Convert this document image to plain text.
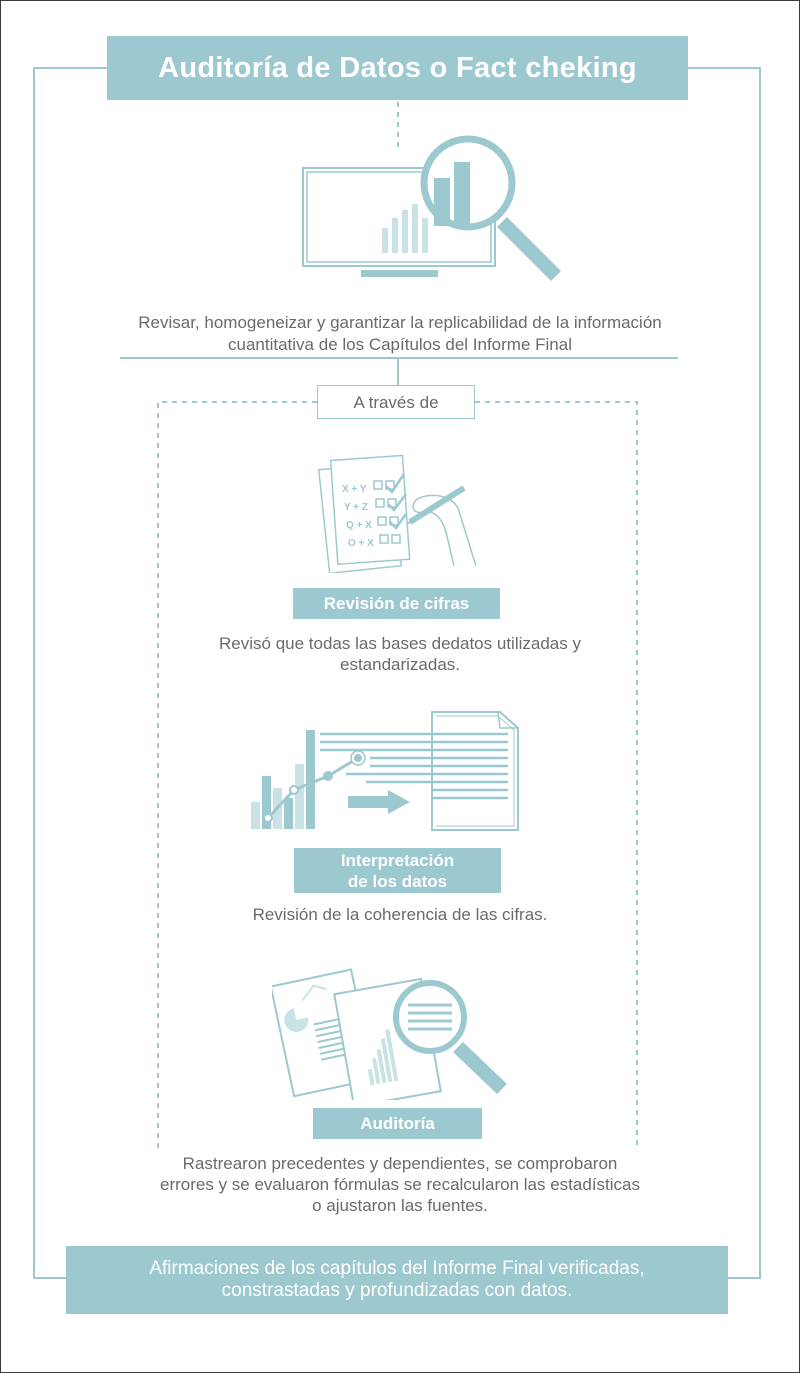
Auditoría de Datos o Fact cheking
Revisar, homogeneizar y garantizar la replicabilidad de la información cuantitativa de los Capítulos del Informe Final
A través de
X + Y
Y + Z
Q + X
O + X
Revisión de cifras
Revisó que todas las bases dedatos utilizadas y estandarizadas.
Interpretación
de los datos
Revisión de la coherencia de las cifras.
Auditoría
Rastrearon precedentes y dependientes, se comprobaron errores y se evaluaron fórmulas se recalcularon las estadísticas o ajustaron las fuentes.
Afirmaciones de los capítulos del Informe Final verificadas, constrastadas y profundizadas con datos.
